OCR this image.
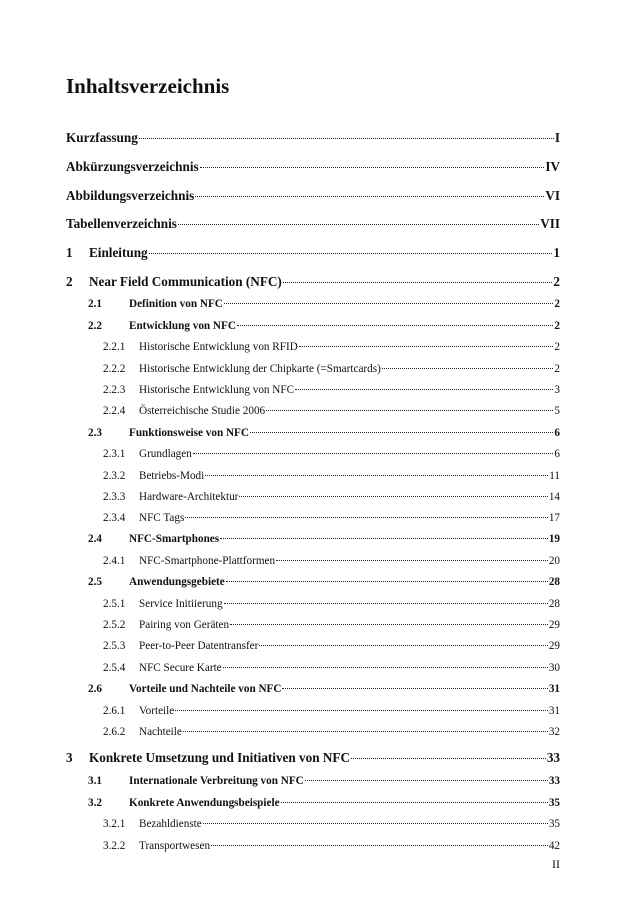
Inhaltsverzeichnis
Kurzfassung	I
Abkürzungsverzeichnis	IV
Abbildungsverzeichnis	VI
Tabellenverzeichnis	VII
1	Einleitung	1
2	Near Field Communication (NFC)	2
2.1	Definition von NFC	2
2.2	Entwicklung von NFC	2
2.2.1	Historische Entwicklung von RFID	2
2.2.2	Historische Entwicklung der Chipkarte (=Smartcards)	2
2.2.3	Historische Entwicklung von NFC	3
2.2.4	Österreichische Studie 2006	5
2.3	Funktionsweise von NFC	6
2.3.1	Grundlagen	6
2.3.2	Betriebs-Modi	11
2.3.3	Hardware-Architektur	14
2.3.4	NFC Tags	17
2.4	NFC-Smartphones	19
2.4.1	NFC-Smartphone-Plattformen	20
2.5	Anwendungsgebiete	28
2.5.1	Service Initiierung	28
2.5.2	Pairing von Geräten	29
2.5.3	Peer-to-Peer Datentransfer	29
2.5.4	NFC Secure Karte	30
2.6	Vorteile und Nachteile von NFC	31
2.6.1	Vorteile	31
2.6.2	Nachteile	32
3	Konkrete Umsetzung und Initiativen von NFC	33
3.1	Internationale Verbreitung von NFC	33
3.2	Konkrete Anwendungsbeispiele	35
3.2.1	Bezahldienste	35
3.2.2	Transportwesen	42
II
